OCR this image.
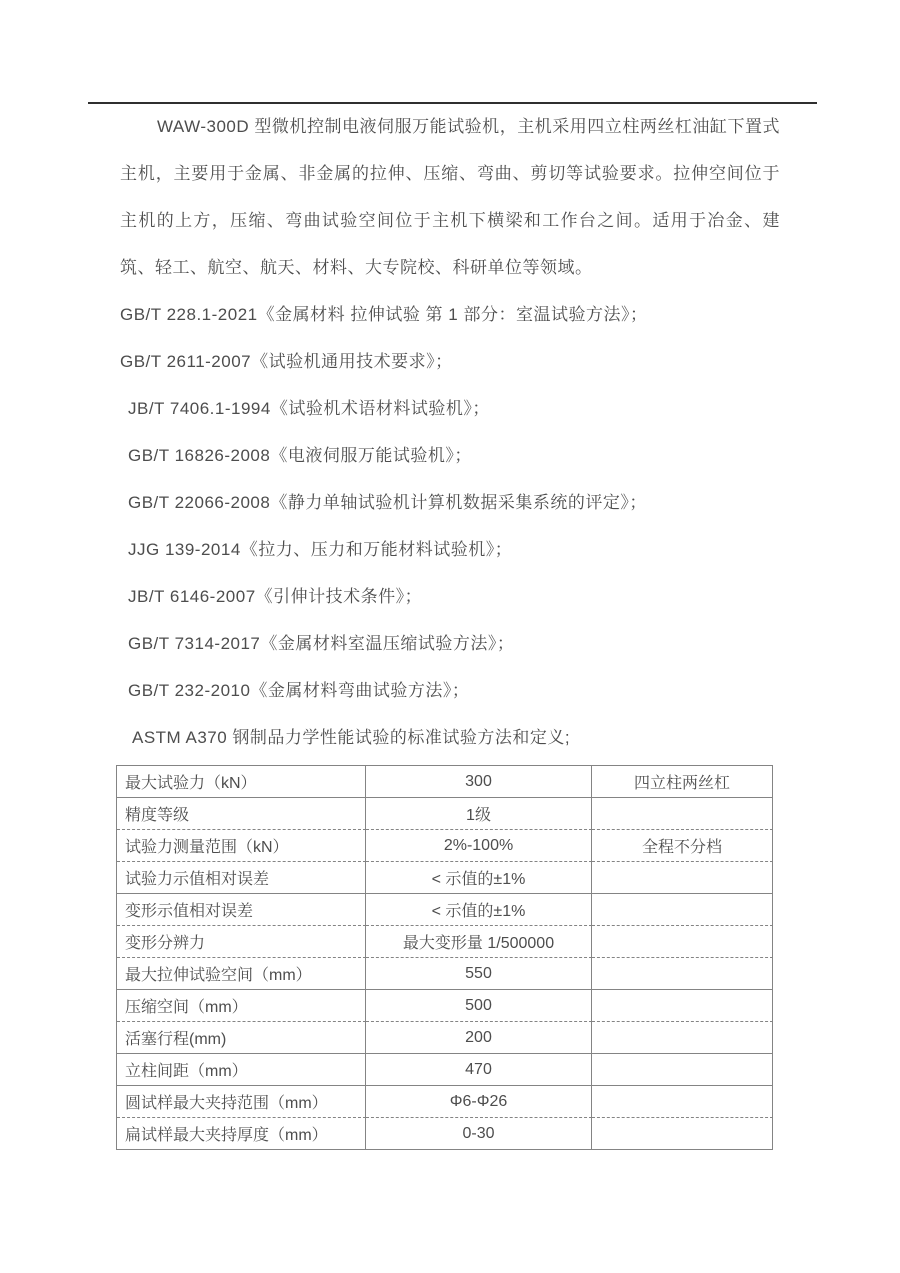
WAW-300D 型微机控制电液伺服万能试验机，主机采用四立柱两丝杠油缸下置式主机，主要用于金属、非金属的拉伸、压缩、弯曲、剪切等试验要求。拉伸空间位于主机的上方，压缩、弯曲试验空间位于主机下横梁和工作台之间。适用于冶金、建筑、轻工、航空、航天、材料、大专院校、科研单位等领域。

GB/T 228.1-2021《金属材料 拉伸试验 第 1 部分：室温试验方法》；
GB/T 2611-2007《试验机通用技术要求》；
JB/T 7406.1-1994《试验机术语材料试验机》；
GB/T 16826-2008《电液伺服万能试验机》；
GB/T 22066-2008《静力单轴试验机计算机数据采集系统的评定》；
JJG 139-2014《拉力、压力和万能材料试验机》；
JB/T 6146-2007《引伸计技术条件》；
GB/T 7314-2017《金属材料室温压缩试验方法》；
GB/T 232-2010《金属材料弯曲试验方法》；
ASTM A370 钢制品力学性能试验的标准试验方法和定义;
最大试验力（kN）	300	四立柱两丝杠
精度等级	1级	
试验力测量范围（kN）	2%-100%	全程不分档
试验力示值相对误差	< 示值的±1%	
变形示值相对误差	< 示值的±1%	
变形分辨力	最大变形量 1/500000	
最大拉伸试验空间（mm）	550	
压缩空间（mm）	500	
活塞行程(mm)	200	
立柱间距（mm）	470	
圆试样最大夹持范围（mm）	Φ6-Φ26	
扁试样最大夹持厚度（mm）	0-30	
